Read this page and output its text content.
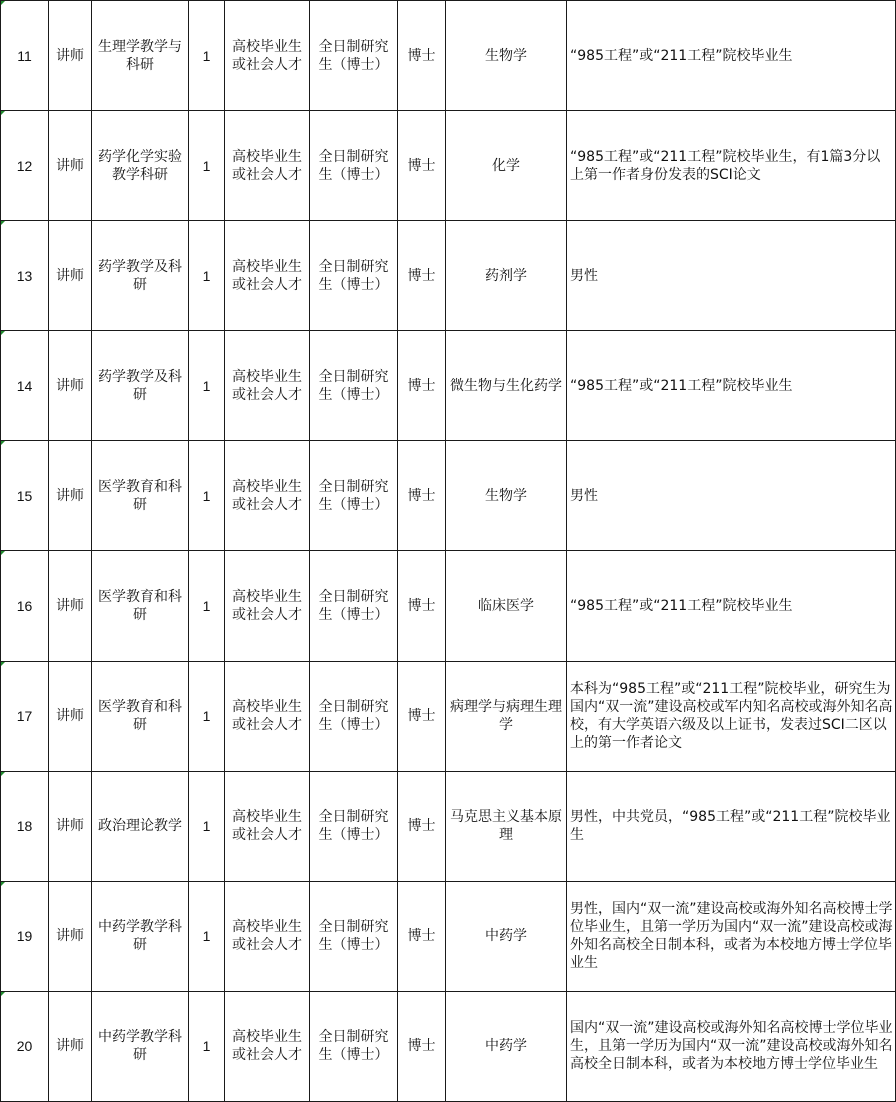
11	讲师	生理学教学与科研	1	高校毕业生或社会人才	全日制研究生（博士）	博士	生物学	“985工程”或“211工程”院校毕业生
12	讲师	药学化学实验教学科研	1	高校毕业生或社会人才	全日制研究生（博士）	博士	化学	“985工程”或“211工程”院校毕业生，有1篇3分以上第一作者身份发表的SCI论文
13	讲师	药学教学及科研	1	高校毕业生或社会人才	全日制研究生（博士）	博士	药剂学	男性
14	讲师	药学教学及科研	1	高校毕业生或社会人才	全日制研究生（博士）	博士	微生物与生化药学	“985工程”或“211工程”院校毕业生
15	讲师	医学教育和科研	1	高校毕业生或社会人才	全日制研究生（博士）	博士	生物学	男性
16	讲师	医学教育和科研	1	高校毕业生或社会人才	全日制研究生（博士）	博士	临床医学	“985工程”或“211工程”院校毕业生
17	讲师	医学教育和科研	1	高校毕业生或社会人才	全日制研究生（博士）	博士	病理学与病理生理学	本科为“985工程”或“211工程”院校毕业，研究生为国内“双一流”建设高校或军内知名高校或海外知名高校，有大学英语六级及以上证书，发表过SCI二区以上的第一作者论文
18	讲师	政治理论教学	1	高校毕业生或社会人才	全日制研究生（博士）	博士	马克思主义基本原理	男性，中共党员，“985工程”或“211工程”院校毕业生
19	讲师	中药学教学科研	1	高校毕业生或社会人才	全日制研究生（博士）	博士	中药学	男性，国内“双一流”建设高校或海外知名高校博士学位毕业生，且第一学历为国内“双一流”建设高校或海外知名高校全日制本科，或者为本校地方博士学位毕业生
20	讲师	中药学教学科研	1	高校毕业生或社会人才	全日制研究生（博士）	博士	中药学	国内“双一流”建设高校或海外知名高校博士学位毕业生，且第一学历为国内“双一流”建设高校或海外知名高校全日制本科，或者为本校地方博士学位毕业生
